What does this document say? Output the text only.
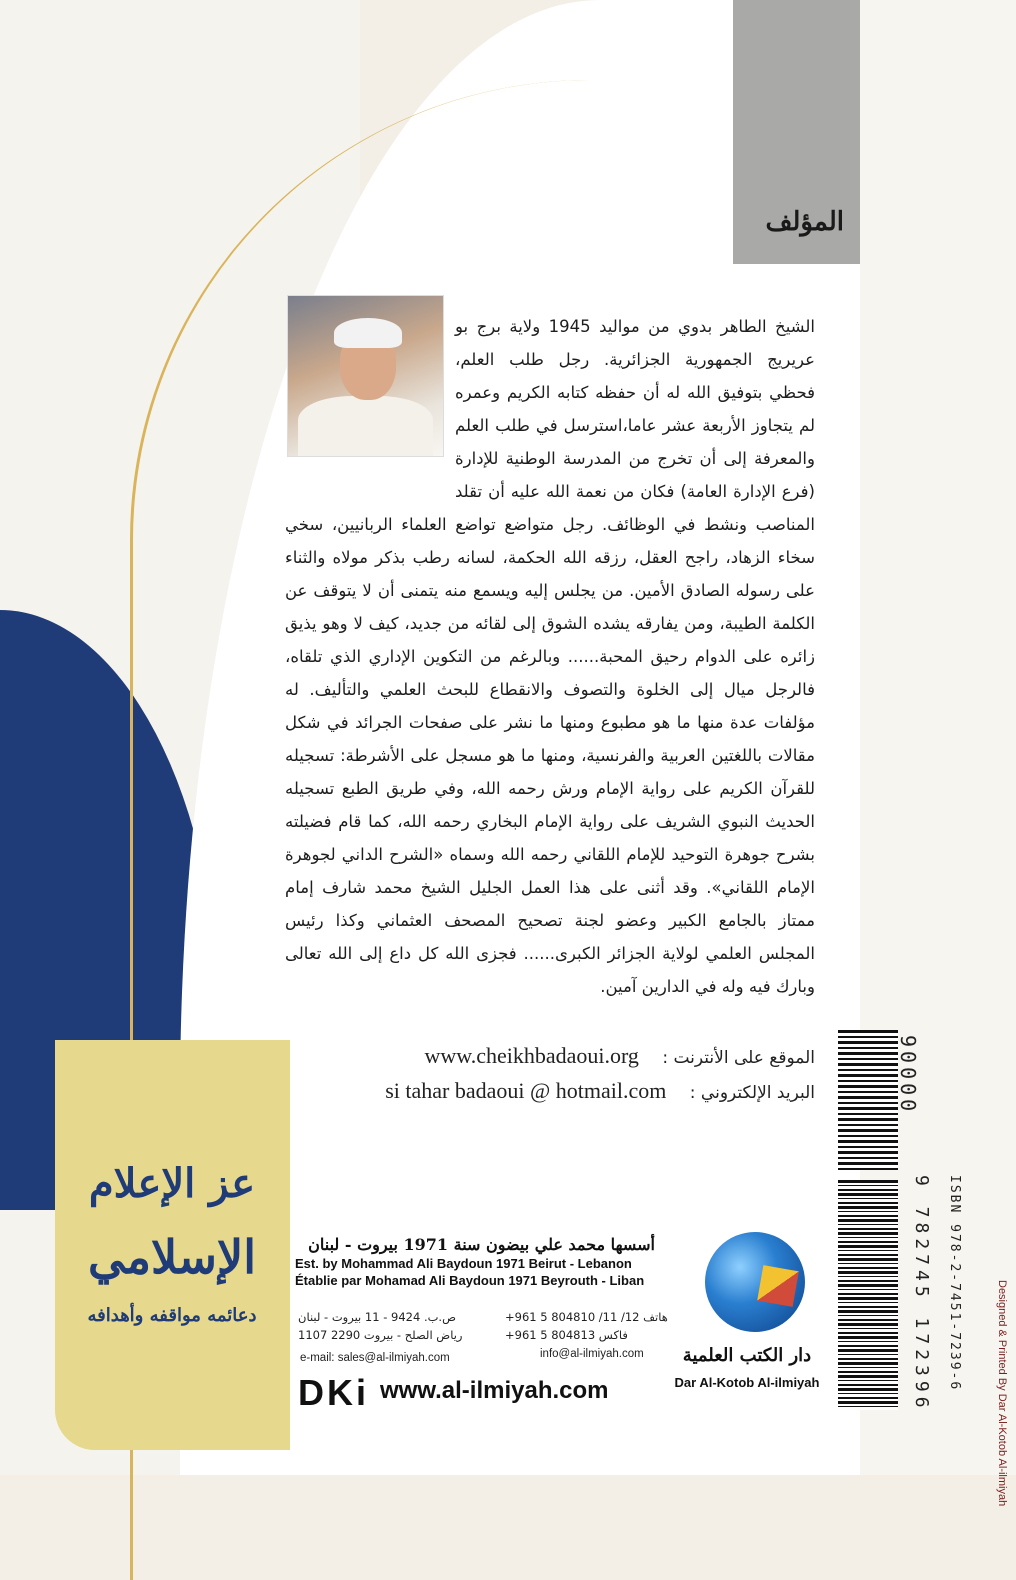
المؤلف

الشيخ الطاهر بدوي من مواليد 1945 ولاية برج بو عريريج الجمهورية الجزائرية. رجل طلب العلم، فحظي بتوفيق الله له أن حفظه كتابه الكريم وعمره لم يتجاوز الأربعة عشر عاما،استرسل في طلب العلم والمعرفة إلى أن تخرج من المدرسة الوطنية للإدارة (فرع الإدارة العامة) فكان من نعمة الله عليه أن تقلد المناصب ونشط في الوظائف. رجل متواضع تواضع العلماء الربانيين، سخي سخاء الزهاد، راجح العقل، رزقه الله الحكمة، لسانه رطب بذكر مولاه والثناء على رسوله الصادق الأمين. من يجلس إليه ويسمع منه يتمنى أن لا يتوقف عن الكلمة الطيبة، ومن يفارقه يشده الشوق إلى لقائه من جديد، كيف لا وهو يذيق زائره على الدوام رحيق المحبة...... وبالرغم من التكوين الإداري الذي تلقاه، فالرجل ميال إلى الخلوة والتصوف والانقطاع للبحث العلمي والتأليف. له مؤلفات عدة منها ما هو مطبوع ومنها ما نشر على صفحات الجرائد في شكل مقالات باللغتين العربية والفرنسية، ومنها ما هو مسجل على الأشرطة: تسجيله للقرآن الكريم على رواية الإمام ورش رحمه الله، وفي طريق الطبع تسجيله الحديث النبوي الشريف على رواية الإمام البخاري رحمه الله، كما قام فضيلته بشرح جوهرة التوحيد للإمام اللقاني رحمه الله وسماه «الشرح الداني لجوهرة الإمام اللقاني». وقد أثنى على هذا العمل الجليل الشيخ محمد شارف إمام ممتاز بالجامع الكبير وعضو لجنة تصحيح المصحف العثماني وكذا رئيس المجلس العلمي لولاية الجزائر الكبرى...... فجزى الله كل داع إلى الله تعالى وبارك فيه وله في الدارين آمين.

الموقع على الأنترنت : www.cheikhbadaoui.org
البريد الإلكتروني : si tahar badaoui @ hotmail.com	90000
9 782745 172396 ISBN 978-2-7451-7239-6	Designed & Printed By Dar Al-Kotob Al-ilmiyah
عز الإعلام
الإسلامي
دعائمه مواقفه وأهدافه
أسسها محمد علي بيضون سنة 1971 بيروت - لبنان
Est. by Mohammad Ali Baydoun 1971 Beirut - Lebanon
Établie par Mohamad Ali Baydoun 1971 Beyrouth - Liban
هاتف 12/ 11/ 804810 5 961+
فاكس 804813 5 961+
ص.ب. 9424 - 11 بيروت - لبنان
رياض الصلح - بيروت 2290 1107
e-mail: sales@al-ilmiyah.com	info@al-ilmiyah.com
DKi www.al-ilmiyah.com
دار الكتب العلمية
Dar Al-Kotob Al-ilmiyah
